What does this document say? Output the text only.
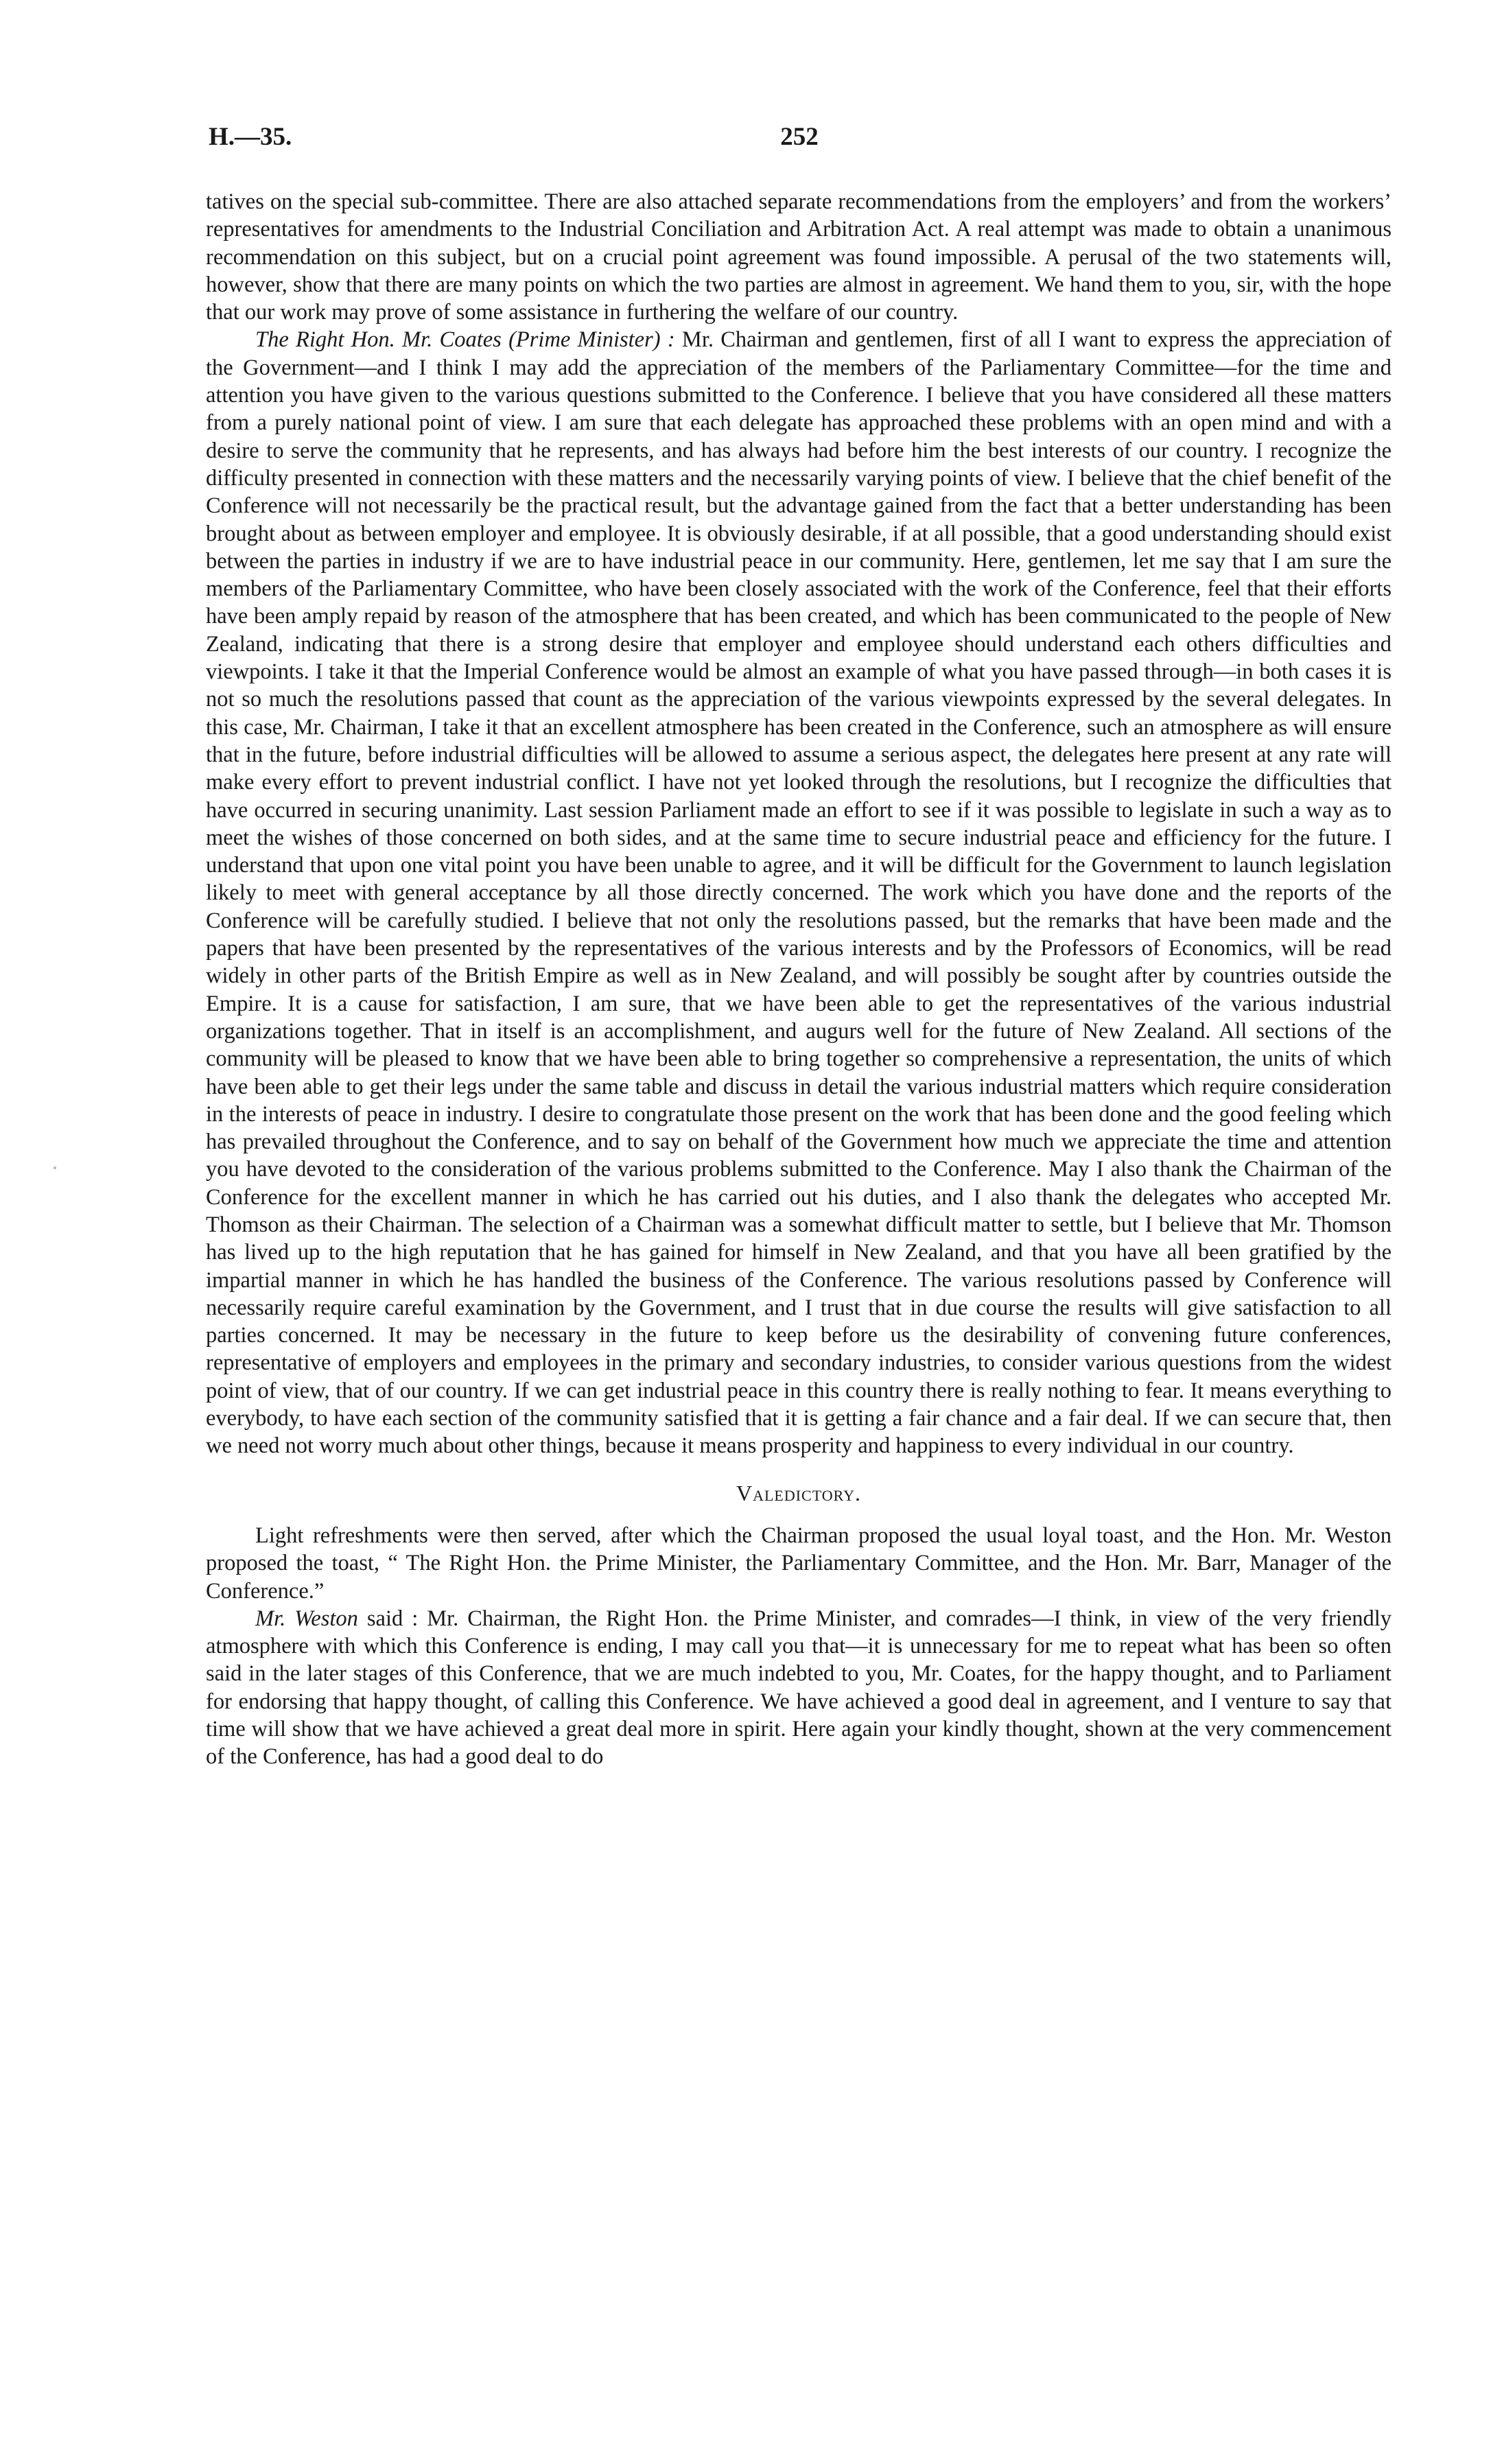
H.—35.	252

tatives on the special sub-committee. There are also attached separate recommendations from the employers’ and from the workers’ representatives for amendments to the Industrial Conciliation and Arbitration Act. A real attempt was made to obtain a unanimous recommendation on this subject, but on a crucial point agreement was found impossible. A perusal of the two statements will, however, show that there are many points on which the two parties are almost in agreement. We hand them to you, sir, with the hope that our work may prove of some assistance in furthering the welfare of our country.

The Right Hon. Mr. Coates (Prime Minister) : Mr. Chairman and gentlemen, first of all I want to express the appreciation of the Government—and I think I may add the appreciation of the members of the Parliamentary Committee—for the time and attention you have given to the various questions submitted to the Conference. I believe that you have considered all these matters from a purely national point of view. I am sure that each delegate has approached these problems with an open mind and with a desire to serve the community that he represents, and has always had before him the best interests of our country. I recognize the difficulty presented in connection with these matters and the necessarily varying points of view. I believe that the chief benefit of the Conference will not necessarily be the practical result, but the advantage gained from the fact that a better understanding has been brought about as between employer and employee. It is obviously desirable, if at all possible, that a good understanding should exist between the parties in industry if we are to have industrial peace in our community. Here, gentlemen, let me say that I am sure the members of the Parliamentary Committee, who have been closely associated with the work of the Conference, feel that their efforts have been amply repaid by reason of the atmosphere that has been created, and which has been communicated to the people of New Zealand, indicating that there is a strong desire that employer and employee should understand each others difficulties and viewpoints. I take it that the Imperial Conference would be almost an example of what you have passed through—in both cases it is not so much the resolutions passed that count as the appreciation of the various viewpoints expressed by the several delegates. In this case, Mr. Chairman, I take it that an excellent atmosphere has been created in the Conference, such an atmosphere as will ensure that in the future, before industrial difficulties will be allowed to assume a serious aspect, the delegates here present at any rate will make every effort to prevent industrial conflict. I have not yet looked through the resolutions, but I recognize the difficulties that have occurred in securing unanimity. Last session Parliament made an effort to see if it was possible to legislate in such a way as to meet the wishes of those concerned on both sides, and at the same time to secure industrial peace and efficiency for the future. I understand that upon one vital point you have been unable to agree, and it will be difficult for the Government to launch legislation likely to meet with general acceptance by all those directly concerned. The work which you have done and the reports of the Conference will be carefully studied. I believe that not only the resolutions passed, but the remarks that have been made and the papers that have been presented by the representatives of the various interests and by the Professors of Economics, will be read widely in other parts of the British Empire as well as in New Zealand, and will possibly be sought after by countries outside the Empire. It is a cause for satisfaction, I am sure, that we have been able to get the representatives of the various industrial organizations together. That in itself is an accomplishment, and augurs well for the future of New Zealand. All sections of the community will be pleased to know that we have been able to bring together so comprehensive a representation, the units of which have been able to get their legs under the same table and discuss in detail the various industrial matters which require consideration in the interests of peace in industry. I desire to congratulate those present on the work that has been done and the good feeling which has prevailed throughout the Conference, and to say on behalf of the Government how much we appreciate the time and attention you have devoted to the consideration of the various problems submitted to the Conference. May I also thank the Chairman of the Conference for the excellent manner in which he has carried out his duties, and I also thank the delegates who accepted Mr. Thomson as their Chairman. The selection of a Chairman was a somewhat difficult matter to settle, but I believe that Mr. Thomson has lived up to the high reputation that he has gained for himself in New Zealand, and that you have all been gratified by the impartial manner in which he has handled the business of the Conference. The various resolutions passed by Conference will necessarily require careful examination by the Government, and I trust that in due course the results will give satisfaction to all parties concerned. It may be necessary in the future to keep before us the desirability of convening future conferences, representative of employers and employees in the primary and secondary industries, to consider various questions from the widest point of view, that of our country. If we can get industrial peace in this country there is really nothing to fear. It means everything to everybody, to have each section of the community satisfied that it is getting a fair chance and a fair deal. If we can secure that, then we need not worry much about other things, because it means prosperity and happiness to every individual in our country.

Valedictory.

Light refreshments were then served, after which the Chairman proposed the usual loyal toast, and the Hon. Mr. Weston proposed the toast, “ The Right Hon. the Prime Minister, the Parliamentary Committee, and the Hon. Mr. Barr, Manager of the Conference.”

Mr. Weston said : Mr. Chairman, the Right Hon. the Prime Minister, and comrades—I think, in view of the very friendly atmosphere with which this Conference is ending, I may call you that—it is unnecessary for me to repeat what has been so often said in the later stages of this Conference, that we are much indebted to you, Mr. Coates, for the happy thought, and to Parliament for endorsing that happy thought, of calling this Conference. We have achieved a good deal in agreement, and I venture to say that time will show that we have achieved a great deal more in spirit. Here again your kindly thought, shown at the very commencement of the Conference, has had a good deal to do
